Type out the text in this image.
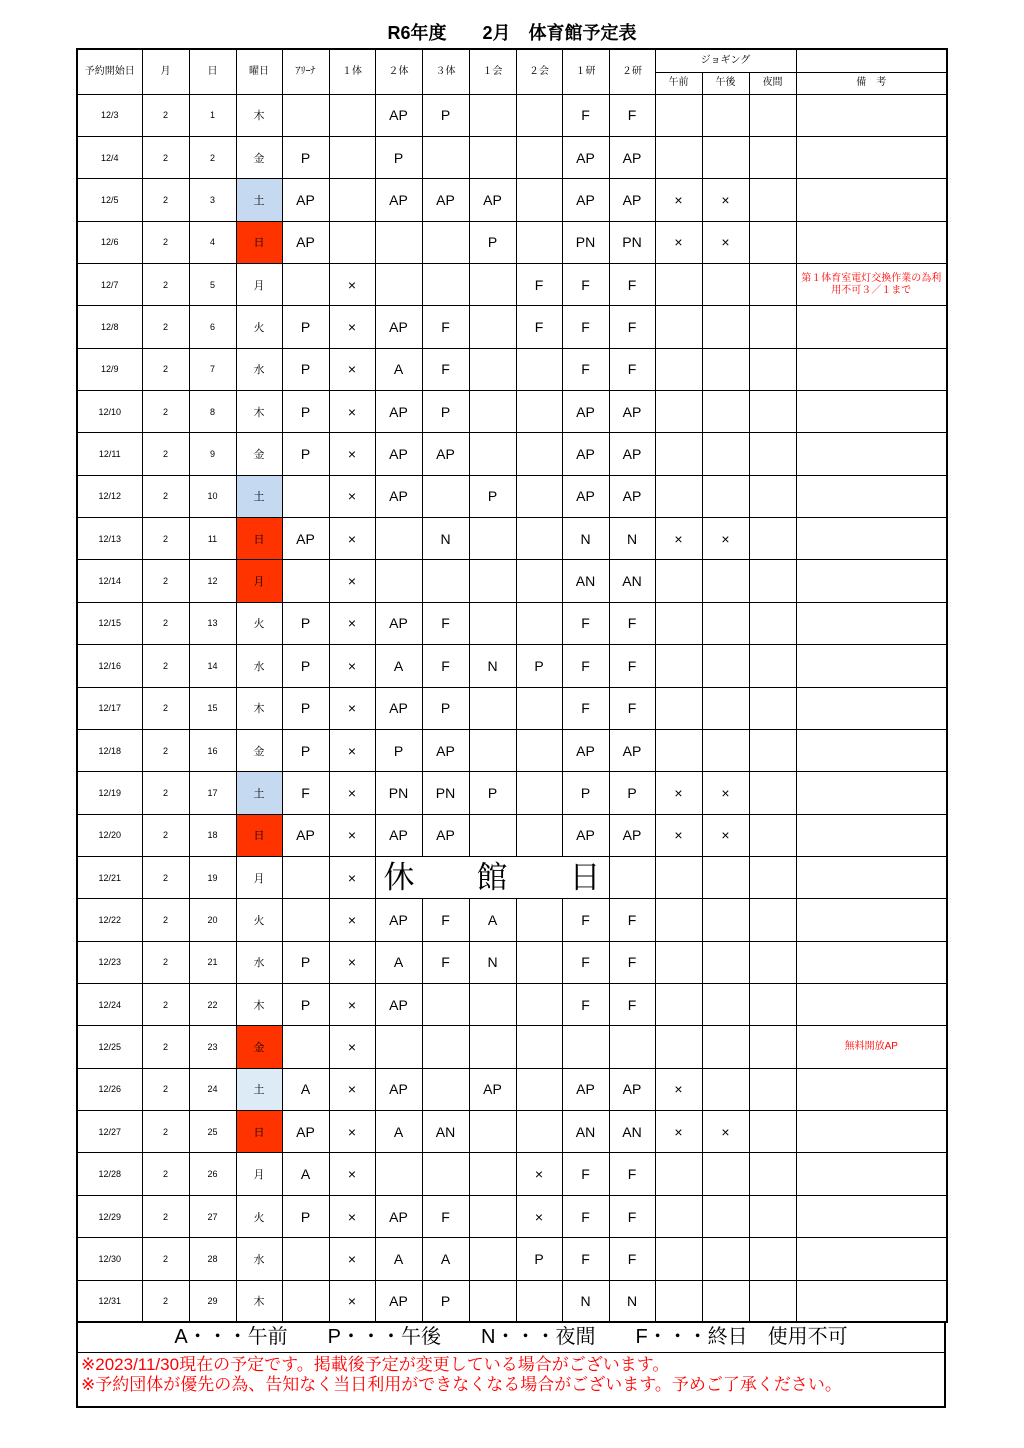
R6年度　　2月　体育館予定表
予約開始日	月	日	曜日	ｱﾘｰﾅ	１体	２体	３体	１会	２会	１研	２研	ジョギング			
												午前	午後	夜間	備　考
12/3	2	1	木			AP	P			F	F				
12/4	2	2	金	P		P				AP	AP				
12/5	2	3	土	AP		AP	AP	AP		AP	AP	×	×		
12/6	2	4	日	AP				P		PN	PN	×	×		
12/7	2	5	月		×				F	F	F				第１体育室電灯交換作業の為利用不可３／１まで
12/8	2	6	火	P	×	AP	F		F	F	F				
12/9	2	7	水	P	×	A	F			F	F				
12/10	2	8	木	P	×	AP	P			AP	AP				
12/11	2	9	金	P	×	AP	AP			AP	AP				
12/12	2	10	土		×	AP		P		AP	AP				
12/13	2	11	日	AP	×		N			N	N	×	×		
12/14	2	12	月		×					AN	AN				
12/15	2	13	火	P	×	AP	F			F	F				
12/16	2	14	水	P	×	A	F	N	P	F	F				
12/17	2	15	木	P	×	AP	P			F	F				
12/18	2	16	金	P	×	P	AP			AP	AP				
12/19	2	17	土	F	×	PN	PN	P		P	P	×	×		
12/20	2	18	日	AP	×	AP	AP			AP	AP	×	×		
12/21	2	19	月		×	休　　館　　日									
12/22	2	20	火		×	AP	F	A		F	F				
12/23	2	21	水	P	×	A	F	N		F	F				
12/24	2	22	木	P	×	AP				F	F				
12/25	2	23	金		×										無料開放AP
12/26	2	24	土	A	×	AP		AP		AP	AP	×			
12/27	2	25	日	AP	×	A	AN			AN	AN	×	×		
12/28	2	26	月	A	×				×	F	F				
12/29	2	27	火	P	×	AP	F		×	F	F				
12/30	2	28	水		×	A	A		P	F	F				
12/31	2	29	木		×	AP	P			N	N				
A・・・午前　　P・・・午後　　N・・・夜間　　F・・・終日　使用不可
※2023/11/30現在の予定です。掲載後予定が変更している場合がございます。
※予約団体が優先の為、告知なく当日利用ができなくなる場合がございます。予めご了承ください。
